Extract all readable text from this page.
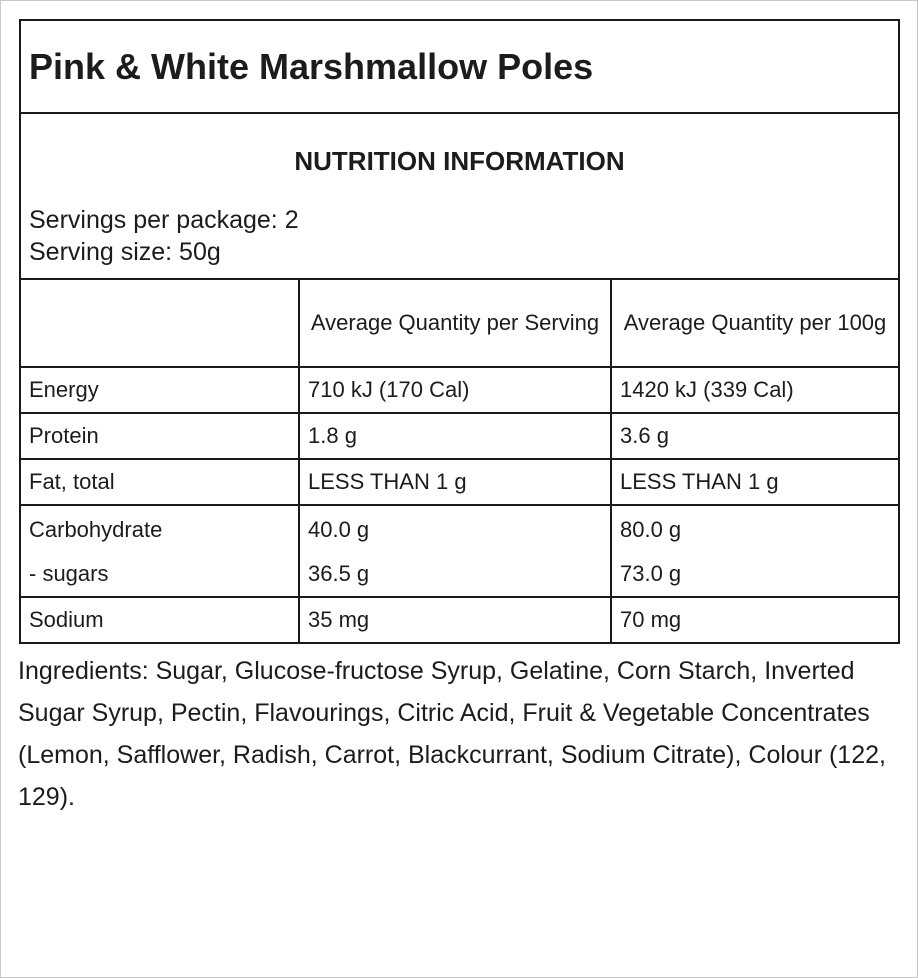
Pink & White Marshmallow Poles
NUTRITION INFORMATION
Servings per package: 2
Serving size: 50g
	Average Quantity per Serving	Average Quantity per 100g
Energy	710 kJ (170 Cal)	1420 kJ (339 Cal)
Protein	1.8 g	3.6 g
Fat, total	LESS THAN 1 g	LESS THAN 1 g
Carbohydrate	40.0 g	80.0 g
- sugars	36.5 g	73.0 g
Sodium	35 mg	70 mg
Ingredients: Sugar, Glucose-fructose Syrup, Gelatine, Corn Starch, Inverted Sugar Syrup, Pectin, Flavourings, Citric Acid, Fruit & Vegetable Concentrates (Lemon, Safflower, Radish, Carrot, Blackcurrant, Sodium Citrate), Colour (122, 129).
